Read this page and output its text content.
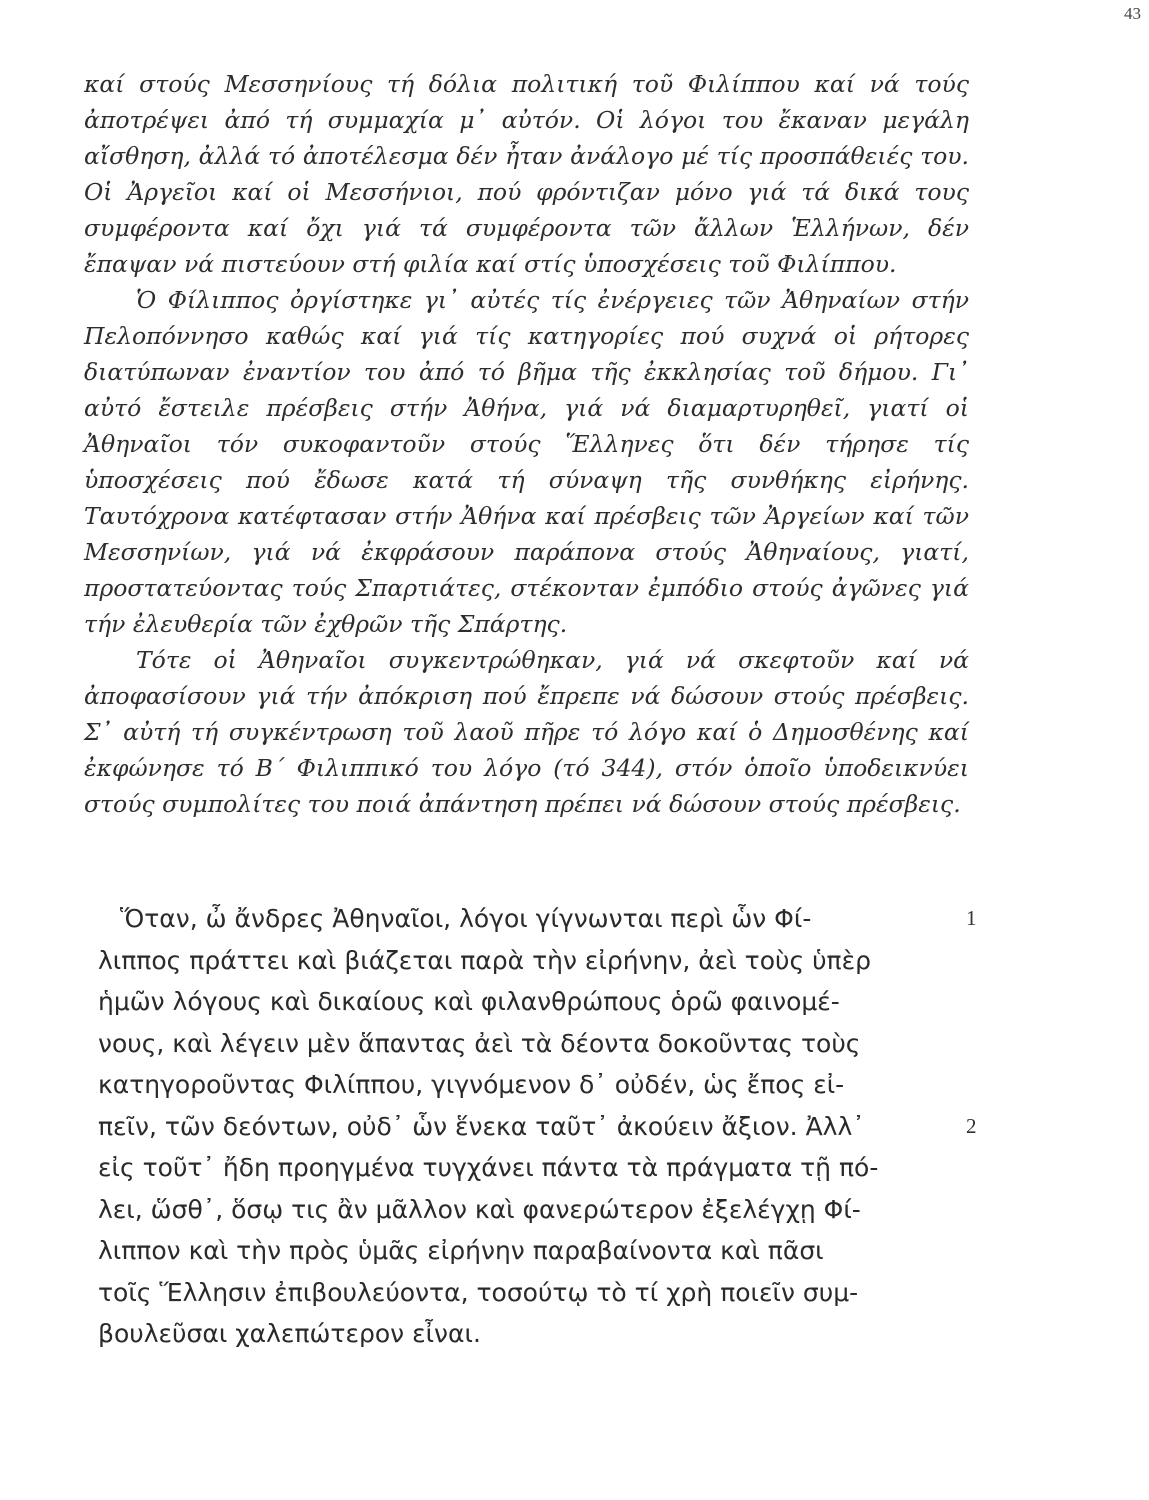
43

καί στούς Μεσσηνίους τή δόλια πολιτική τοῦ Φιλίππου καί νά τούς ἀποτρέψει ἀπό τή συμμαχία μ᾿ αὐτόν. Οἱ λόγοι του ἔκαναν μεγάλη αἴσθηση, ἀλλά τό ἀποτέλεσμα δέν ἦταν ἀνάλογο μέ τίς προσπάθειές του. Οἱ Ἀργεῖοι καί οἱ Μεσσήνιοι, πού φρόντιζαν μόνο γιά τά δικά τους συμφέροντα καί ὄχι γιά τά συμφέροντα τῶν ἄλλων Ἑλλήνων, δέν ἔπαψαν νά πιστεύουν στή φιλία καί στίς ὑποσχέσεις τοῦ Φιλίππου.

Ὁ Φίλιππος ὀργίστηκε γι᾿ αὐτές τίς ἐνέργειες τῶν Ἀθηναίων στήν Πελοπόννησο καθώς καί γιά τίς κατηγορίες πού συχνά οἱ ρήτορες διατύπωναν ἐναντίον του ἀπό τό βῆμα τῆς ἐκκλησίας τοῦ δήμου. Γι᾿ αὐτό ἔστειλε πρέσβεις στήν Ἀθήνα, γιά νά διαμαρτυρηθεῖ, γιατί οἱ Ἀθηναῖοι τόν συκοφαντοῦν στούς Ἕλληνες ὅτι δέν τήρησε τίς ὑποσχέσεις πού ἔδωσε κατά τή σύναψη τῆς συνθήκης εἰρήνης. Ταυτόχρονα κατέφτασαν στήν Ἀθήνα καί πρέσβεις τῶν Ἀργείων καί τῶν Μεσσηνίων, γιά νά ἐκφράσουν παράπονα στούς Ἀθηναίους, γιατί, προστατεύοντας τούς Σπαρτιάτες, στέκονταν ἐμπόδιο στούς ἀγῶνες γιά τήν ἐλευθερία τῶν ἐχθρῶν τῆς Σπάρτης.

Τότε οἱ Ἀθηναῖοι συγκεντρώθηκαν, γιά νά σκεφτοῦν καί νά ἀποφασίσουν γιά τήν ἀπόκριση πού ἔπρεπε νά δώσουν στούς πρέσβεις. Σ᾿ αὐτή τή συγκέντρωση τοῦ λαοῦ πῆρε τό λόγο καί ὁ Δημοσθένης καί ἐκφώνησε τό Β΄ Φιλιππικό του λόγο (τό 344), στόν ὁποῖο ὑποδεικνύει στούς συμπολίτες του ποιά ἀπάντηση πρέπει νά δώσουν στούς πρέσβεις.

Ὅταν, ὦ ἄνδρες Ἀθηναῖοι, λόγοι γίγνωνται περὶ ὧν Φί-	1
λιππος πράττει καὶ βιάζεται παρὰ τὴν εἰρήνην, ἀεὶ τοὺς ὑπὲρ
ἡμῶν λόγους καὶ δικαίους καὶ φιλανθρώπους ὁρῶ φαινομέ-
νους, καὶ λέγειν μὲν ἅπαντας ἀεὶ τὰ δέοντα δοκοῦντας τοὺς
κατηγοροῦντας Φιλίππου, γιγνόμενον δ᾿ οὐδέν, ὡς ἔπος εἰ-
πεῖν, τῶν δεόντων, οὐδ᾿ ὧν ἕνεκα ταῦτ᾿ ἀκούειν ἄξιον. Ἀλλ᾿	2
εἰς τοῦτ᾿ ἤδη προηγμένα τυγχάνει πάντα τὰ πράγματα τῇ πό-
λει, ὥσθ᾿, ὅσῳ τις ἂν μᾶλλον καὶ φανερώτερον ἐξελέγχῃ Φί-
λιππον καὶ τὴν πρὸς ὑμᾶς εἰρήνην παραβαίνοντα καὶ πᾶσι
τοῖς Ἕλλησιν ἐπιβουλεύοντα, τοσούτῳ τὸ τί χρὴ ποιεῖν συμ-
βουλεῦσαι χαλεπώτερον εἶναι.
